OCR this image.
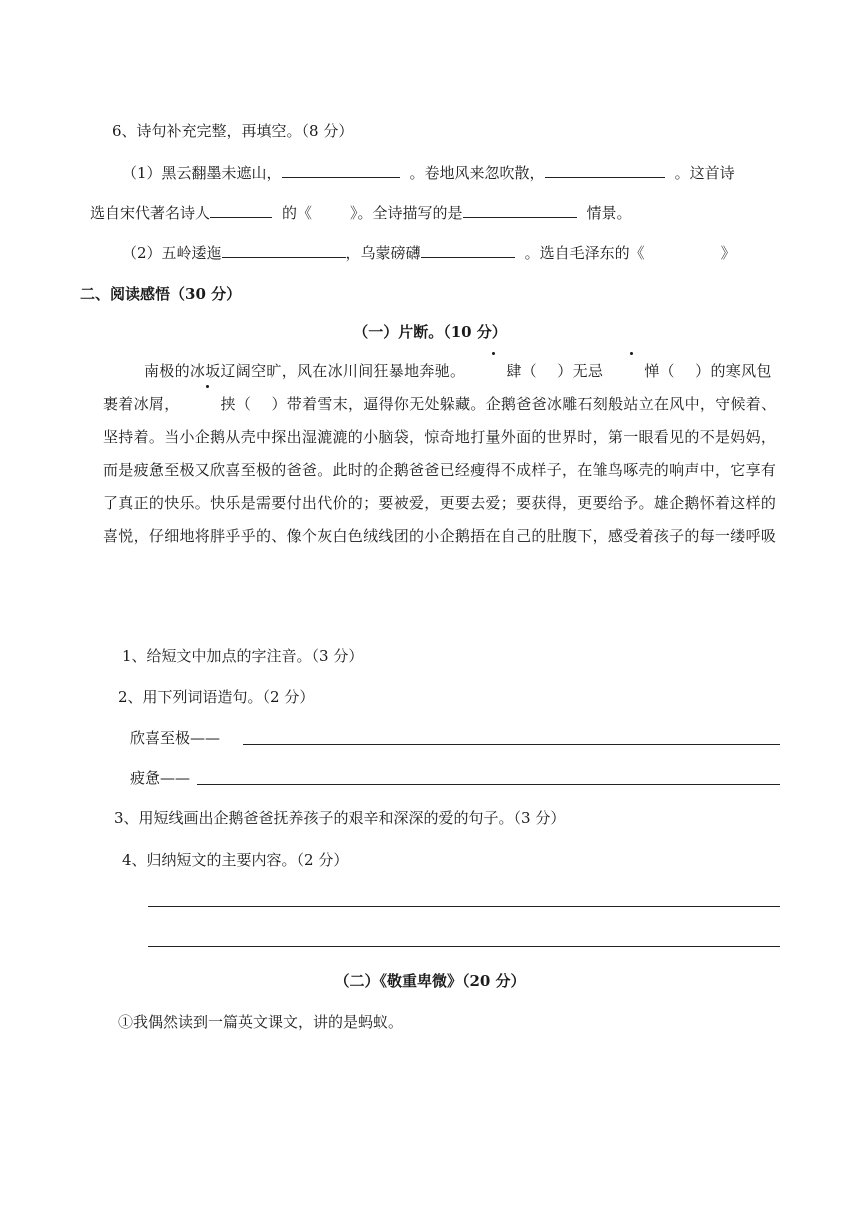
6、诗句补充完整，再填空。（8 分）
（1）黑云翻墨未遮山，	。卷地风来忽吹散，	。这首诗
选自宋代著名诗人	的《	》。全诗描写的是	情景。
（2）五岭逶迤	，乌蒙磅礴	。选自毛泽东的《	》
二、阅读感悟（30 分）
（一）片断。（10 分）
南极的冰坂辽阔空旷，风在冰川间狂暴地奔驰。	肆（　 ）无忌	惮（　 ）的寒风包裹着冰屑，	挟（　 ）带着雪末，逼得你无处躲藏。企鹅爸爸冰雕石刻般站立在风中，守候着、坚持着。当小企鹅从壳中探出湿漉漉的小脑袋，惊奇地打量外面的世界时，第一眼看见的不是妈妈，而是疲惫至极又欣喜至极的爸爸。此时的企鹅爸爸已经瘦得不成样子，在雏鸟啄壳的响声中，它享有了真正的快乐。快乐是需要付出代价的；要被爱，更要去爱；要获得，更要给予。雄企鹅怀着这样的喜悦，仔细地将胖乎乎的、像个灰白色绒线团的小企鹅捂在自己的肚腹下，感受着孩子的每一缕呼吸
1、给短文中加点的字注音。（3 分）
2、用下列词语造句。（2 分）
欣喜至极——
疲惫——
3、用短线画出企鹅爸爸抚养孩子的艰辛和深深的爱的句子。（3 分）
4、归纳短文的主要内容。（2 分）
（二）《敬重卑微》（20 分）
①我偶然读到一篇英文课文，讲的是蚂蚁。
